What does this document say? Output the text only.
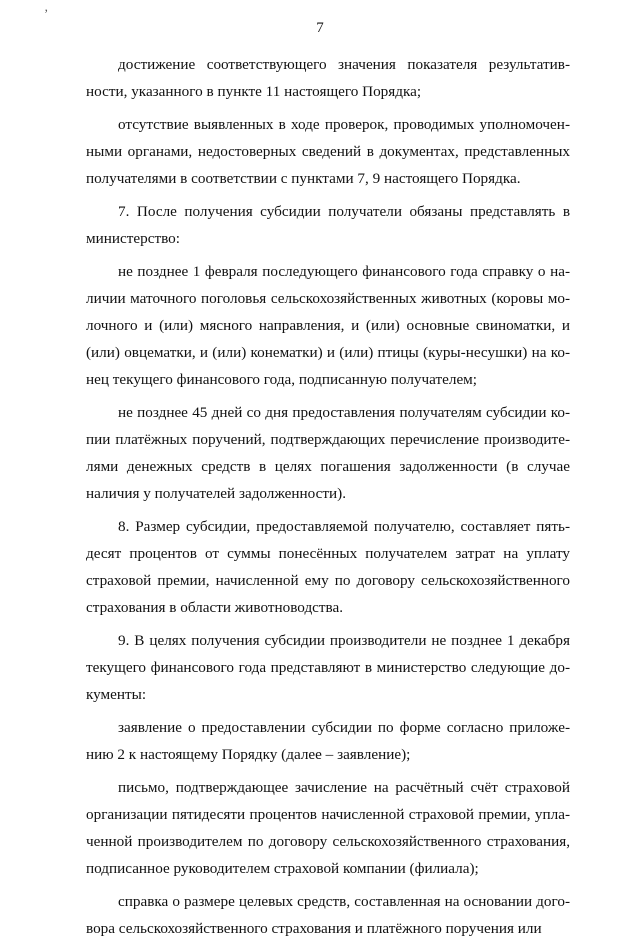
’
7

достижение соответствующего значения показателя результативности, указанного в пункте 11 настоящего Порядка;

отсутствие выявленных в ходе проверок, проводимых уполномоченными органами, недостоверных сведений в документах, представленных получателями в соответствии с пунктами 7, 9 настоящего Порядка.

7. После получения субсидии получатели обязаны представлять в министерство:

не позднее 1 февраля последующего финансового года справку о наличии маточного поголовья сельскохозяйственных животных (коровы молочного и (или) мясного направления, и (или) основные свиноматки, и (или) овцематки, и (или) конематки) и (или) птицы (куры-несушки) на конец текущего финансового года, подписанную получателем;

не позднее 45 дней со дня предоставления получателям субсидии копии платёжных поручений, подтверждающих перечисление производителями денежных средств в целях погашения задолженности (в случае наличия у получателей задолженности).

8. Размер субсидии, предоставляемой получателю, составляет пятьдесят процентов от суммы понесённых получателем затрат на уплату страховой премии, начисленной ему по договору сельскохозяйственного страхования в области животноводства.

9. В целях получения субсидии производители не позднее 1 декабря текущего финансового года представляют в министерство следующие документы:

заявление о предоставлении субсидии по форме согласно приложению 2 к настоящему Порядку (далее – заявление);

письмо, подтверждающее зачисление на расчётный счёт страховой организации пятидесяти процентов начисленной страховой премии, уплаченной производителем по договору сельскохозяйственного страхования, подписанное руководителем страховой компании (филиала);

справка о размере целевых средств, составленная на основании договора сельскохозяйственного страхования и платёжного поручения или
